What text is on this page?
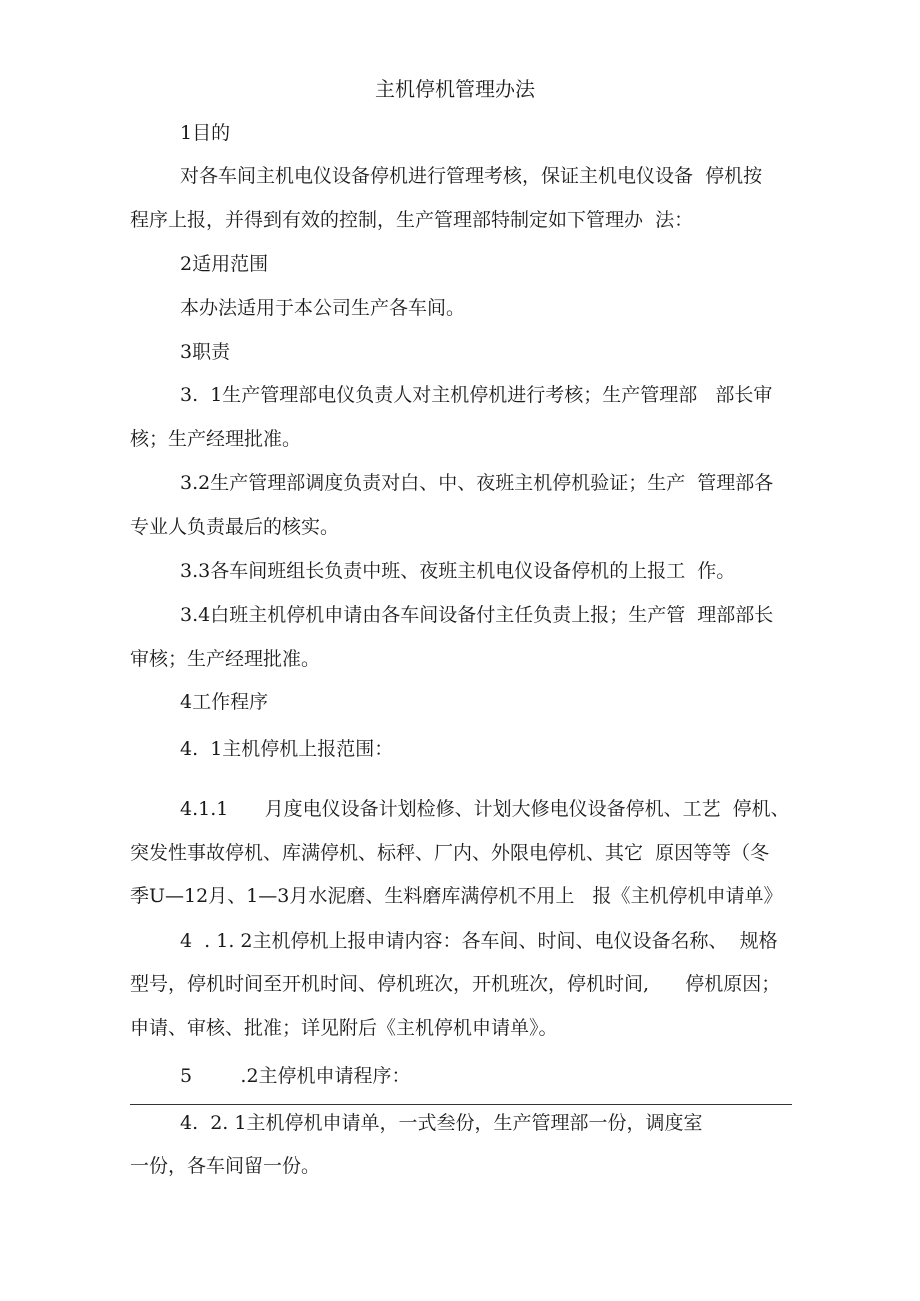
主机停机管理办法
1目的
对各车间主机电仪设备停机进行管理考核，保证主机电仪设备  停机按
程序上报，并得到有效的控制，生产管理部特制定如下管理办  法：
2适用范围
本办法适用于本公司生产各车间。
3职责
3.  1生产管理部电仪负责人对主机停机进行考核；生产管理部   部长审
核；生产经理批准。
3.2生产管理部调度负责对白、中、夜班主机停机验证；生产  管理部各
专业人负责最后的核实。
3.3各车间班组长负责中班、夜班主机电仪设备停机的上报工  作。
3.4白班主机停机申请由各车间设备付主任负责上报；生产管  理部部长
审核；生产经理批准。
4工作程序
4.  1主机停机上报范围：
4.1.1      月度电仪设备计划检修、计划大修电仪设备停机、工艺  停机、
突发性事故停机、库满停机、标秤、厂内、外限电停机、其它  原因等等（冬
季U—12月、1—3月水泥磨、生料磨库满停机不用上   报《主机停机申请单》
4  . 1. 2主机停机上报申请内容：各车间、时间、电仪设备名称、  规格
型号，停机时间至开机时间、停机班次，开机班次，停机时间,      停机原因；
申请、审核、批准；详见附后《主机停机申请单》。
5        .2主停机申请程序：
4.  2. 1主机停机申请单，一式叁份，生产管理部一份，调度室
一份，各车间留一份。
